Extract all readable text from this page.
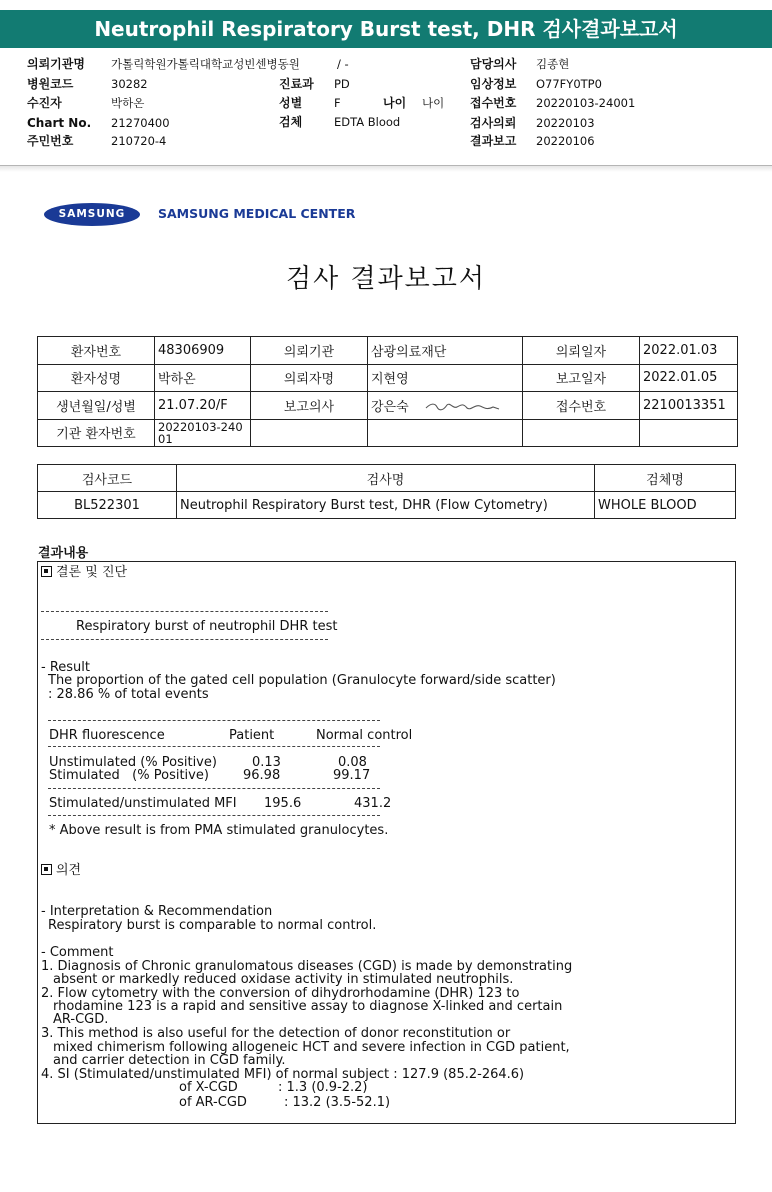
Neutrophil Respiratory Burst test, DHR 검사결과보고서
의뢰기관명 가톨릭학원가톨릭대학교성빈센병동원	/ -	담당의사 김종현
병원코드	30282	진료과 PD	임상정보 O77FY0TP0
수진자	박하온	성별	F	나이 나이 접수번호 20220103-24001
Chart No. 21270400	검체	EDTA Blood	검사의뢰 20220103
주민번호	210720-4	결과보고 20220106
SAMSUNG	SAMSUNG MEDICAL CENTER
검사 결과보고서
환자번호	48306909	의뢰기관	삼광의료재단	의뢰일자	2022.01.03
환자성명	박하온	의뢰자명	지현영	보고일자	2022.01.05
생년월일/성별	21.07.20/F	보고의사	강은숙	접수번호	2210013351
기관 환자번호	20220103-24001				
검사코드	검사명	검체명
BL522301	Neutrophil Respiratory Burst test, DHR (Flow Cytometry)	WHOLE BLOOD
결과내용
결론 및 진단
Respiratory burst of neutrophil DHR test
- Result
The proportion of the gated cell population (Granulocyte forward/side scatter)
: 28.86 % of total events
DHR fluorescence	Patient	Normal control
Unstimulated (% Positive)	0.13	0.08
Stimulated   (% Positive)	96.98	99.17
Stimulated/unstimulated MFI 195.6	431.2
* Above result is from PMA stimulated granulocytes.
의견
- Interpretation & Recommendation
Respiratory burst is comparable to normal control.
- Comment
1. Diagnosis of Chronic granulomatous diseases (CGD) is made by demonstrating
absent or markedly reduced oxidase activity in stimulated neutrophils.
2. Flow cytometry with the conversion of dihydrorhodamine (DHR) 123 to
rhodamine 123 is a rapid and sensitive assay to diagnose X-linked and certain
AR-CGD.
3. This method is also useful for the detection of donor reconstitution or
mixed chimerism following allogeneic HCT and severe infection in CGD patient,
and carrier detection in CGD family.
4. SI (Stimulated/unstimulated MFI) of normal subject : 127.9 (85.2-264.6)
of X-CGD	: 1.3 (0.9-2.2)
of AR-CGD	: 13.2 (3.5-52.1)
